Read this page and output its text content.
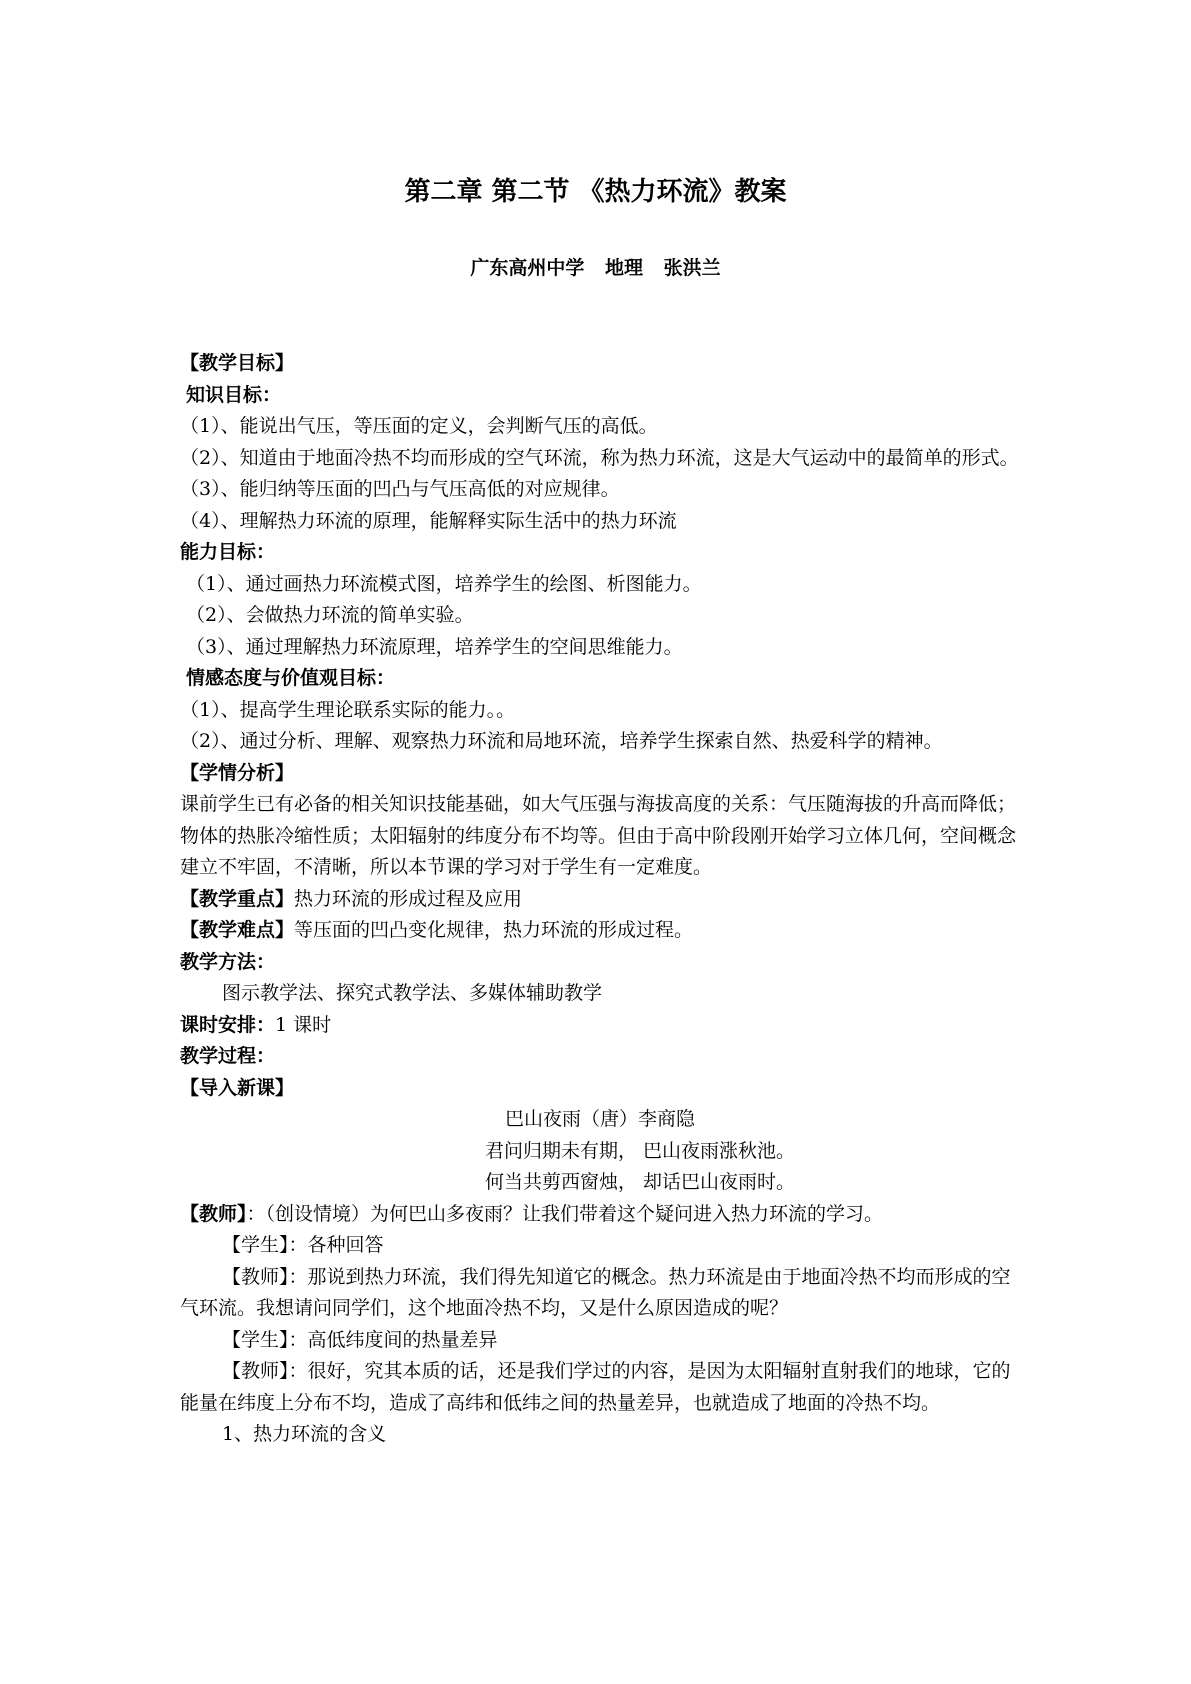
第二章 第二节 《热力环流》教案
广东高州中学 地理 张洪兰
【教学目标】
知识目标：
（1）、能说出气压，等压面的定义，会判断气压的高低。
（2）、知道由于地面冷热不均而形成的空气环流，称为热力环流，这是大气运动中的最简单的形式。
（3）、能归纳等压面的凹凸与气压高低的对应规律。
（4）、理解热力环流的原理，能解释实际生活中的热力环流
能力目标：
（1）、通过画热力环流模式图，培养学生的绘图、析图能力。
（2）、会做热力环流的简单实验。
（3）、通过理解热力环流原理，培养学生的空间思维能力。
情感态度与价值观目标：
（1）、提高学生理论联系实际的能力。。
（2）、通过分析、理解、观察热力环流和局地环流，培养学生探索自然、热爱科学的精神。
【学情分析】
课前学生已有必备的相关知识技能基础，如大气压强与海拔高度的关系：气压随海拔的升高而降低；物体的热胀冷缩性质；太阳辐射的纬度分布不均等。但由于高中阶段刚开始学习立体几何，空间概念建立不牢固，不清晰，所以本节课的学习对于学生有一定难度。
【教学重点】热力环流的形成过程及应用
【教学难点】等压面的凹凸变化规律，热力环流的形成过程。
教学方法：
图示教学法、探究式教学法、多媒体辅助教学
课时安排：1 课时
教学过程：
【导入新课】
巴山夜雨（唐）李商隐
君问归期未有期， 巴山夜雨涨秋池。
何当共剪西窗烛， 却话巴山夜雨时。
【教师】：（创设情境）为何巴山多夜雨？让我们带着这个疑问进入热力环流的学习。
【学生】：各种回答
【教师】：那说到热力环流，我们得先知道它的概念。热力环流是由于地面冷热不均而形成的空气环流。我想请问同学们，这个地面冷热不均，又是什么原因造成的呢？
【学生】：高低纬度间的热量差异
【教师】：很好，究其本质的话，还是我们学过的内容，是因为太阳辐射直射我们的地球，它的能量在纬度上分布不均，造成了高纬和低纬之间的热量差异，也就造成了地面的冷热不均。
1、热力环流的含义
